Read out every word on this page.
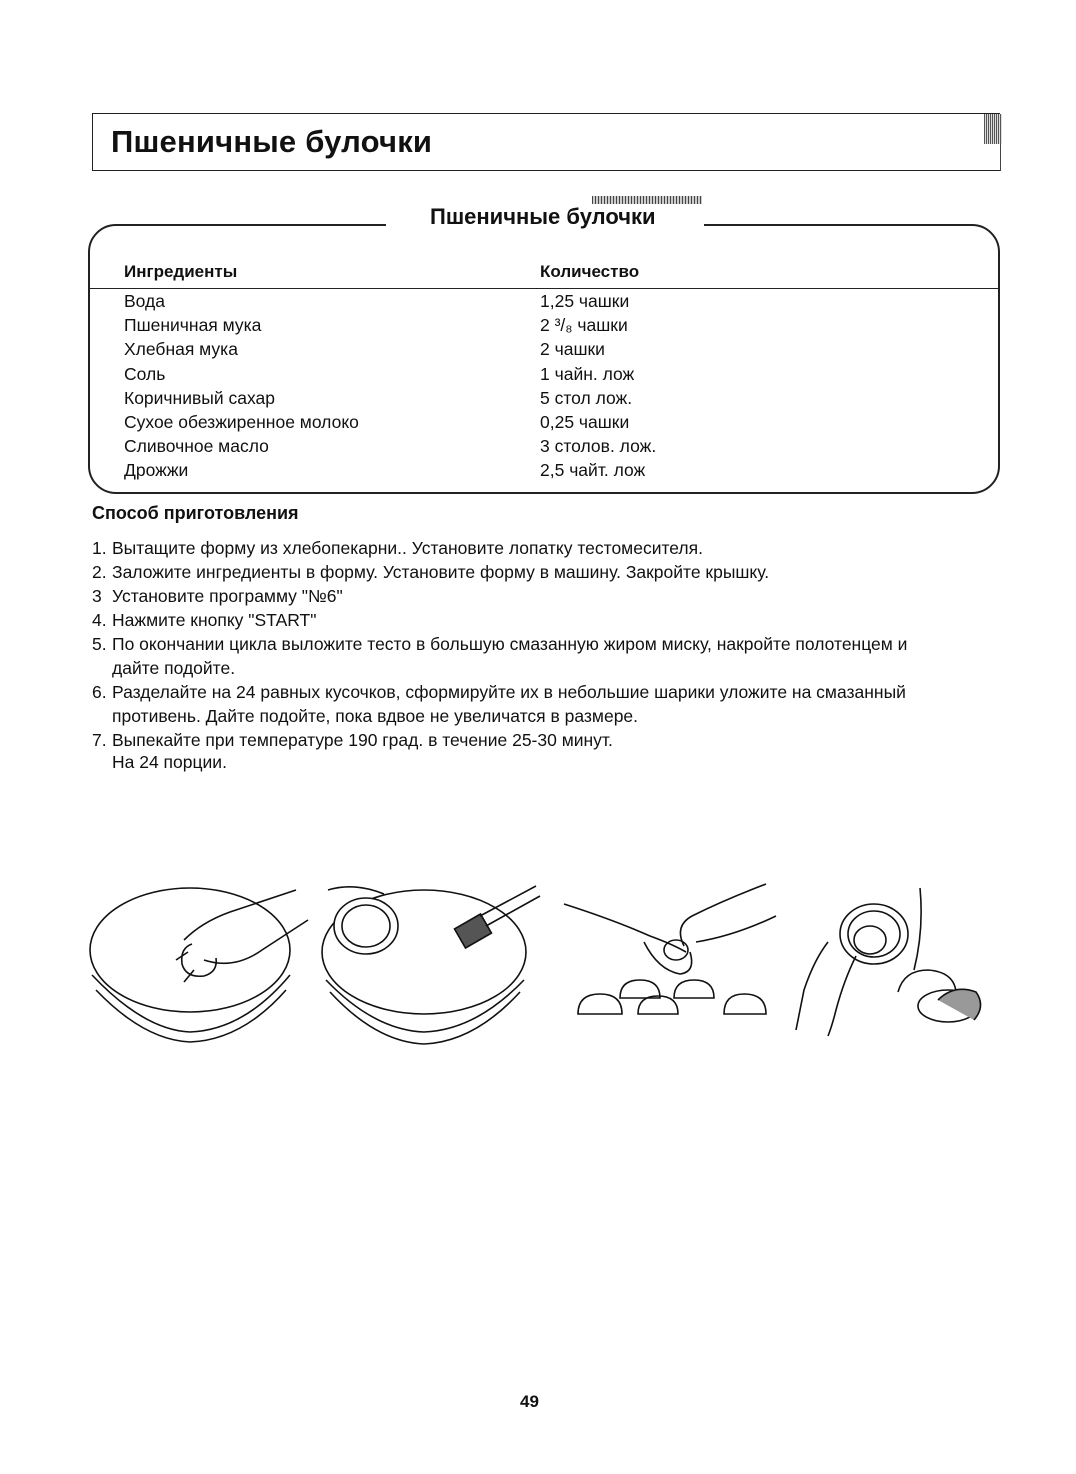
Пшеничные булочки
Пшеничные булочки
Ингредиенты	Количество
Вода	1,25 чашки
Пшеничная мука	2 ³/₈ чашки
Хлебная мука	2 чашки
Соль	1 чайн. лож
Коричнивый сахар	5 стол лож.
Сухое обезжиренное молоко	0,25 чашки
Сливочное масло	3 столов. лож.
Дрожжи	2,5 чайт. лож
Способ приготовления
1. Вытащите форму из хлебопекарни.. Установите лопатку тестомесителя.
2. Заложите ингредиенты в форму. Установите форму в машину. Закройте крышку.
3 Установите программу "№6"
4. Нажмите кнопку "START"
5. По окончании цикла выложите тесто в большую смазанную жиром миску, накройте полотенцем и дайте подойте.
6. Разделайте на 24 равных кусочков, сформируйте их в небольшие шарики уложите на смазанный противень. Дайте подойте, пока вдвое не увеличатся в размере.
7. Выпекайте при температуре 190 град. в течение 25-30 минут.
На 24 порции.
49
